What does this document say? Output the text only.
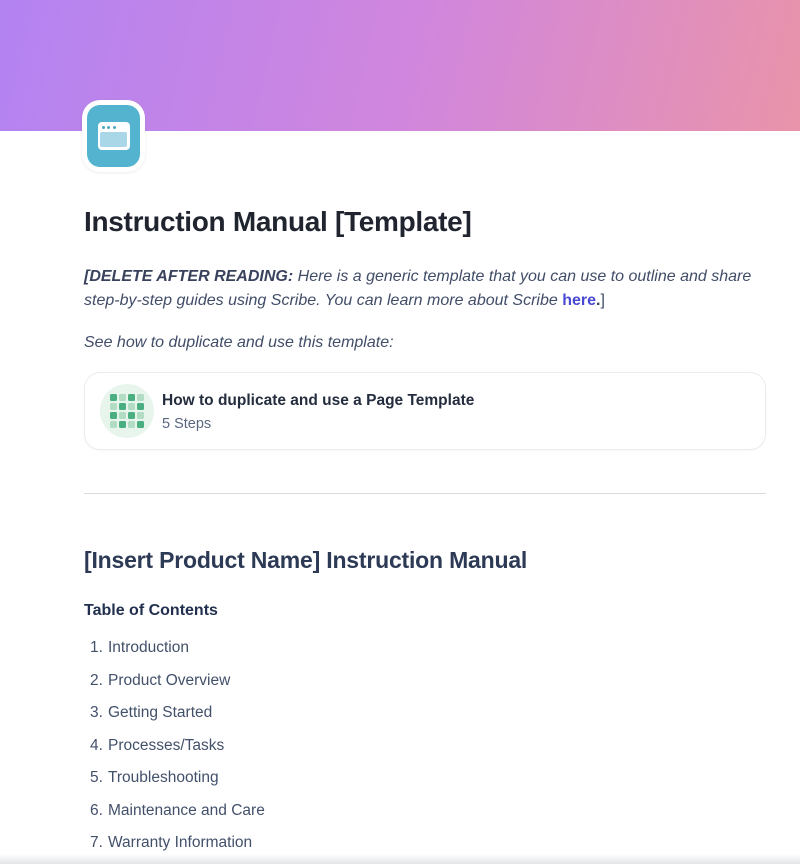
Instruction Manual [Template]

[DELETE AFTER READING: Here is a generic template that you can use to outline and share step-by-step guides using Scribe. You can learn more about Scribe here.]

See how to duplicate and use this template:

How to duplicate and use a Page Template
5 Steps
[Insert Product Name] Instruction Manual
Table of Contents
1. Introduction
2. Product Overview
3. Getting Started
4. Processes/Tasks
5. Troubleshooting
6. Maintenance and Care
7. Warranty Information
